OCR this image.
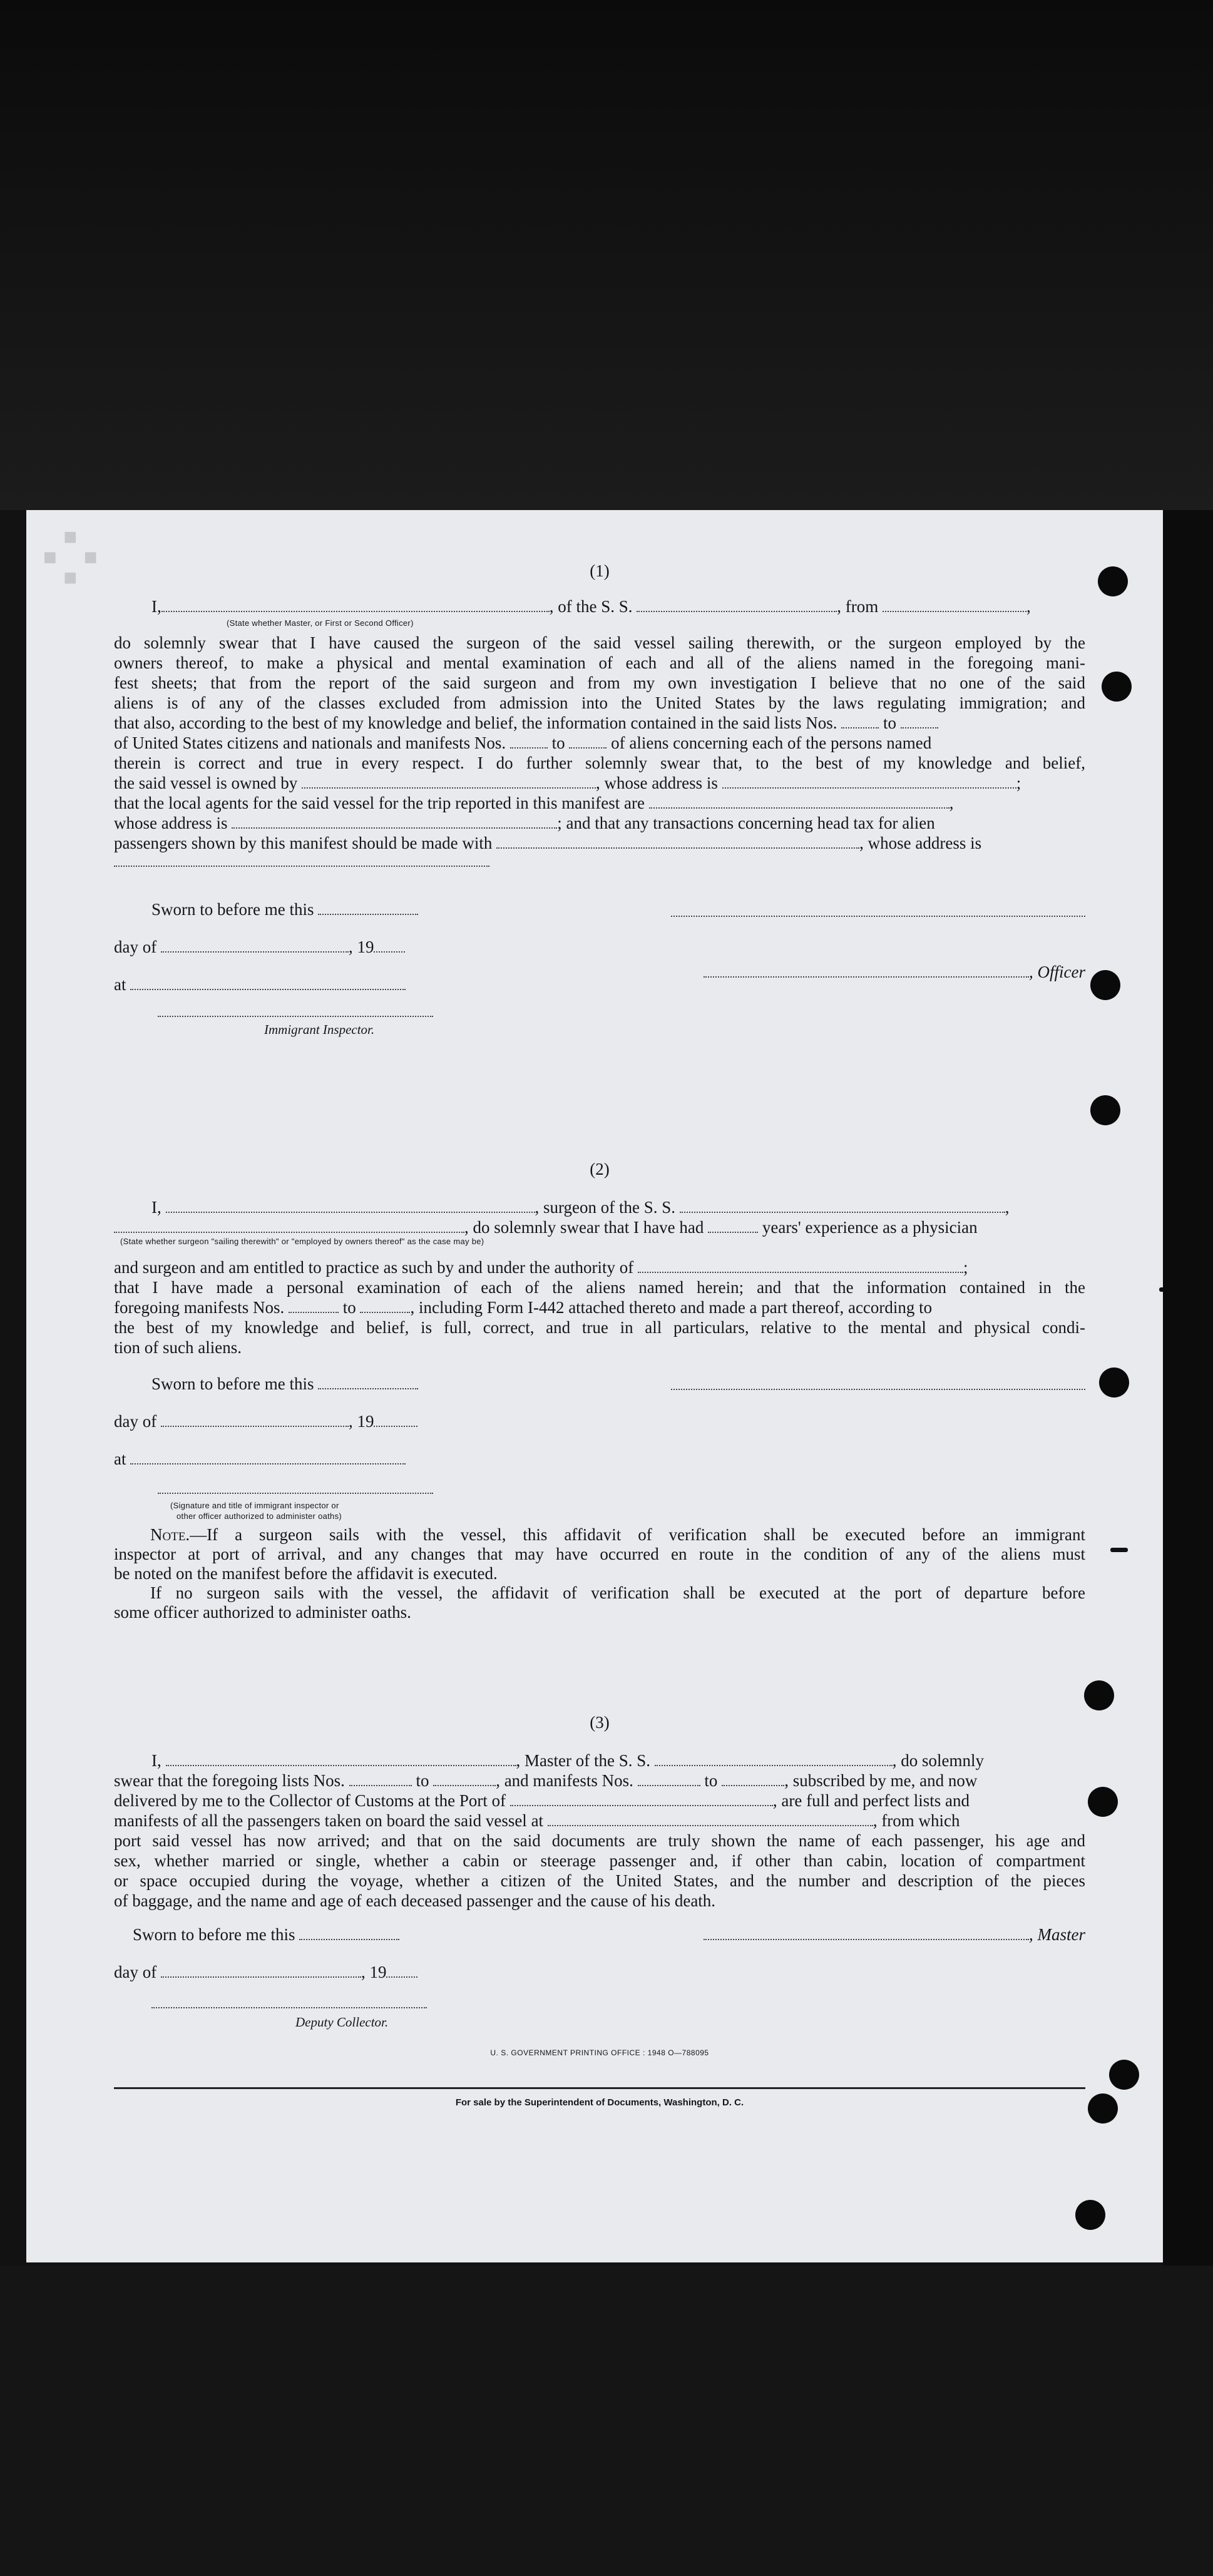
⁘	(1)
I,	, of the S. S.	, from	,
(State whether Master, or First or Second Officer)
do solemnly swear that I have caused the surgeon of the said vessel sailing therewith, or the surgeon employed by the
owners thereof, to make a physical and mental examination of each and all of the aliens named in the foregoing mani-
fest sheets; that from the report of the said surgeon and from my own investigation I believe that no one of the said
aliens is of any of the classes excluded from admission into the United States by the laws regulating immigration; and
that also, according to the best of my knowledge and belief, the information contained in the said lists Nos.	to
of United States citizens and nationals and manifests Nos.	to	of aliens concerning each of the persons named
therein is correct and true in every respect. I do further solemnly swear that, to the best of my knowledge and belief,
the said vessel is owned by	, whose address is	;
that the local agents for the said vessel for the trip reported in this manifest are	,
whose address is	; and that any transactions concerning head tax for alien
passengers shown by this manifest should be made with	, whose address is
Sworn to before me this
day of	, 19
, Officer
at
Immigrant Inspector.
(2)
I,	, surgeon of the S. S.	,
, do solemnly swear that I have had	years' experience as a physician
(State whether surgeon "sailing therewith" or "employed by owners thereof" as the case may be)
and surgeon and am entitled to practice as such by and under the authority of	;
that I have made a personal examination of each of the aliens named herein; and that the information contained in the
foregoing manifests Nos.	to	, including Form I-442 attached thereto and made a part thereof, according to
the best of my knowledge and belief, is full, correct, and true in all particulars, relative to the mental and physical condi-
tion of such aliens.
Sworn to before me this
day of	, 19
at
(Signature and title of immigrant inspector or
other officer authorized to administer oaths)
Note.—If a surgeon sails with the vessel, this affidavit of verification shall be executed before an immigrant
inspector at port of arrival, and any changes that may have occurred en route in the condition of any of the aliens must
be noted on the manifest before the affidavit is executed.
If no surgeon sails with the vessel, the affidavit of verification shall be executed at the port of departure before
some officer authorized to administer oaths.
(3)
I,	, Master of the S. S.	, do solemnly
swear that the foregoing lists Nos.	to	, and manifests Nos.	to	, subscribed by me, and now
delivered by me to the Collector of Customs at the Port of	, are full and perfect lists and
manifests of all the passengers taken on board the said vessel at	, from which
port said vessel has now arrived; and that on the said documents are truly shown the name of each passenger, his age and
sex, whether married or single, whether a cabin or steerage passenger and, if other than cabin, location of compartment
or space occupied during the voyage, whether a citizen of the United States, and the number and description of the pieces
of baggage, and the name and age of each deceased passenger and the cause of his death.
Sworn to before me this	, Master
day of	, 19
Deputy Collector.
U. S. GOVERNMENT PRINTING OFFICE : 1948 O—788095
For sale by the Superintendent of Documents, Washington, D. C.
